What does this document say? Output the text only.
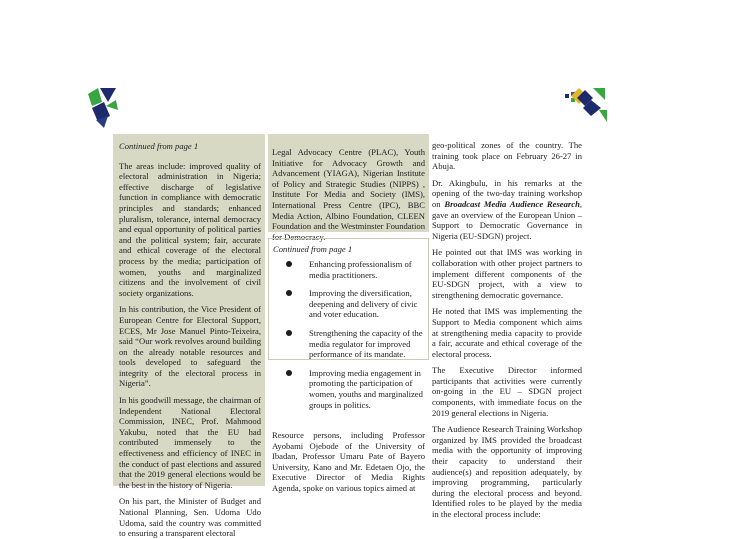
Continued from page 1

The areas include: improved quality of electoral administration in Nigeria; effective discharge of legislative function in compliance with democratic principles and standards; enhanced pluralism, tolerance, internal democracy and equal opportunity of political parties and the political system; fair, accurate and ethical coverage of the electoral process by the media; participation of women, youths and marginalized citizens and the involvement of civil society organizations.

In his contribution, the Vice President of European Centre for Electoral Support, ECES, Mr Jose Manuel Pinto-Teixeira, said “Our work revolves around building on the already notable resources and tools developed to safeguard the integrity of the electoral process in Nigeria”.

In his goodwill message, the chairman of Independent National Electoral Commission, INEC, Prof. Mahmood Yakubu, noted that the EU had contributed immensely to the effectiveness and efficiency of INEC in the conduct of past elections and assured that the 2019 general elections would be the best in the history of Nigeria.

On his part, the Minister of Budget and National Planning, Sen. Udoma Udo Udoma, said the country was committed to ensuring a transparent electoral

Legal Advocacy Centre (PLAC), Youth Initiative for Advocacy Growth and Advancement (YIAGA), Nigerian Institute of Policy and Strategic Studies (NIPPS) , Institute For Media and Society (IMS), International Press Centre (IPC), BBC Media Action, Albino Foundation, CLEEN Foundation and the Westminster Foundation for Democracy.

Continued from page 1

Enhancing professionalism of media practitioners.
Improving the diversification, deepening and delivery of civic and voter education.
Strengthening the capacity of the media regulator for improved performance of its mandate.
Improving media engagement in promoting the participation of women, youths and marginalized groups in politics.

Resource persons, including Professor Ayobami Ojebode of the University of Ibadan, Professor Umaru Pate of Bayero University, Kano and Mr. Edetaen Ojo, the Executive Director of Media Rights Agenda, spoke on various topics aimed at

geo-political zones of the country. The training took place on February 26-27 in Abuja.

Dr. Akingbulu, in his remarks at the opening of the two-day training workshop on Broadcast Media Audience Research, gave an overview of the European Union – Support to Democratic Governance in Nigeria (EU-SDGN) project.

He pointed out that IMS was working in collaboration with other project partners to implement different components of the EU-SDGN project, with a view to strengthening democratic governance.

He noted that IMS was implementing the Support to Media component which aims at strengthening media capacity to provide a fair, accurate and ethical coverage of the electoral process.

The Executive Director informed participants that activities were currently on-going in the EU – SDGN project components, with immediate focus on the 2019 general elections in Nigeria.

The Audience Research Training Workshop organized by IMS provided the broadcast media with the opportunity of improving their capacity to understand their audience(s) and reposition adequately, by improving programming, particularly during the electoral process and beyond. Identified roles to be played by the media in the electoral process include:
